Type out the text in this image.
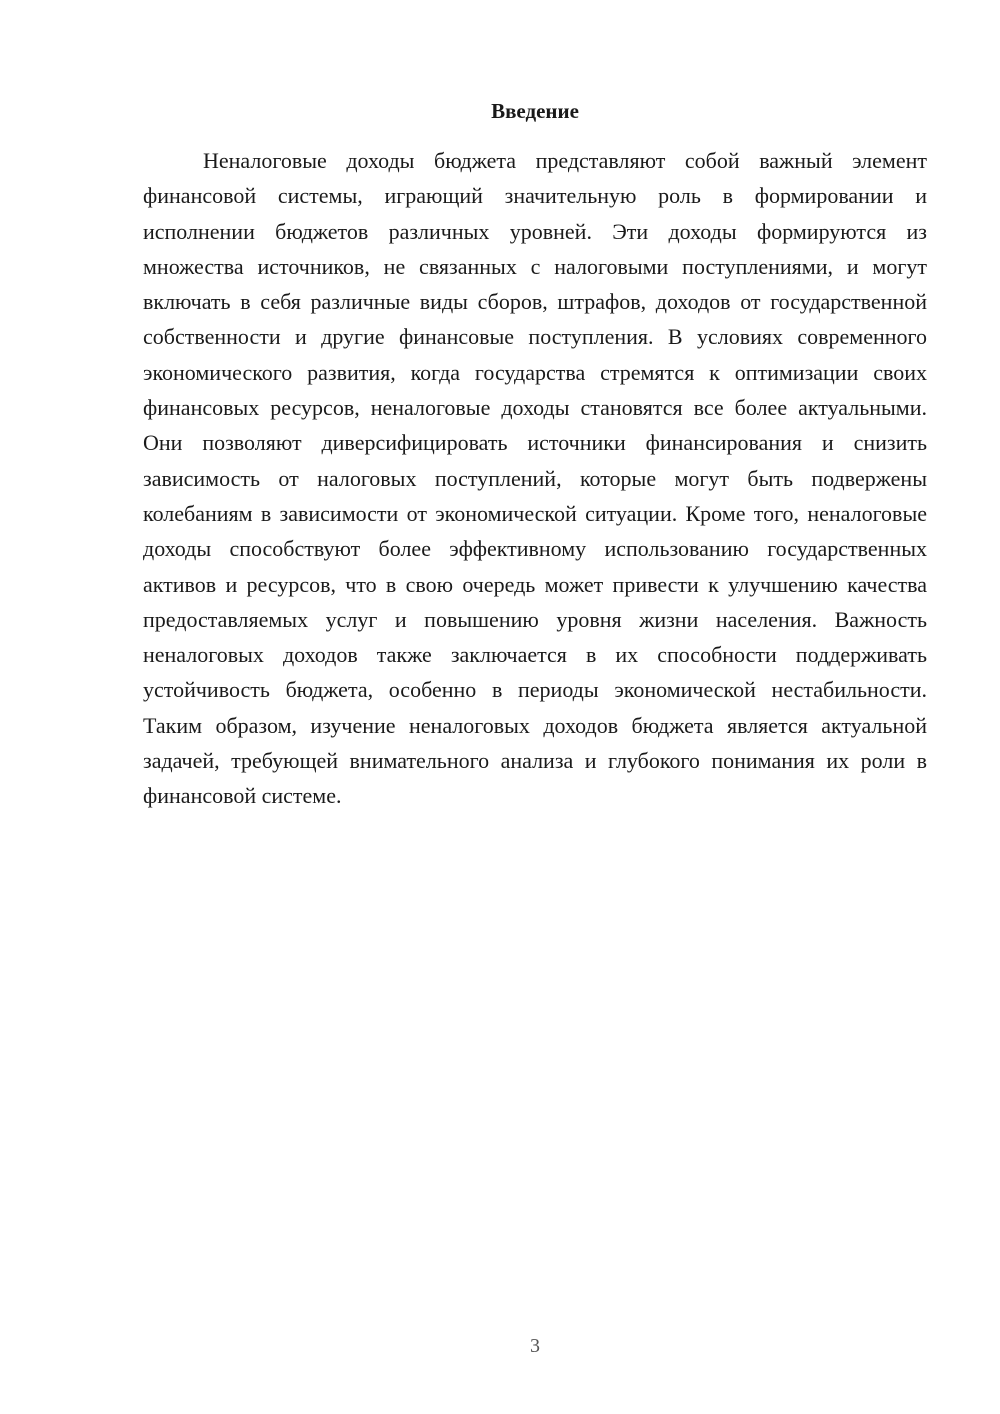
Введение

Неналоговые доходы бюджета представляют собой важный элемент финансовой системы, играющий значительную роль в формировании и исполнении бюджетов различных уровней. Эти доходы формируются из множества источников, не связанных с налоговыми поступлениями, и могут включать в себя различные виды сборов, штрафов, доходов от государственной собственности и другие финансовые поступления. В условиях современного экономического развития, когда государства стремятся к оптимизации своих финансовых ресурсов, неналоговые доходы становятся все более актуальными. Они позволяют диверсифицировать источники финансирования и снизить зависимость от налоговых поступлений, которые могут быть подвержены колебаниям в зависимости от экономической ситуации. Кроме того, неналоговые доходы способствуют более эффективному использованию государственных активов и ресурсов, что в свою очередь может привести к улучшению качества предоставляемых услуг и повышению уровня жизни населения. Важность неналоговых доходов также заключается в их способности поддерживать устойчивость бюджета, особенно в периоды экономической нестабильности. Таким образом, изучение неналоговых доходов бюджета является актуальной задачей, требующей внимательного анализа и глубокого понимания их роли в финансовой системе.

3
